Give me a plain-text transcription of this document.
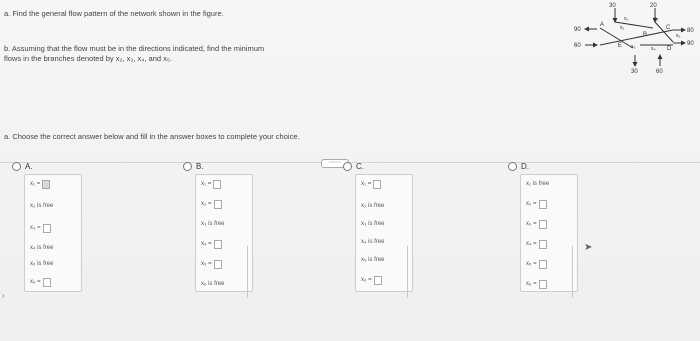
a. Find the general flow pattern of the network shown in the figure.
b. Assuming that the flow must be in the directions indicated, find the minimum flows in the branches denoted by x₂, x₃, x₄, and x₅.
30	20
90
60
80
90
30	60
A
B
C
D
E
x₁
x₂
x₃	x₄
x₅
x₆
⋯⋯
a. Choose the correct answer below and fill in the answer boxes to complete your choice.
A.
x₁ =
x₂ is free
x₃ =
x₄ is free
x₅ is free
x₆ =
B.
x₁ =
x₂ =
x₃ is free
x₄ =
x₅ =
x₆ is free
C.
x₁ =
x₂ is free
x₃ is free
x₄ is free
x₅ is free
x₆ =
D.
x₁ is free
x₂ =
x₃ =
x₄ =
x₅ =
x₆ =
➤
›
